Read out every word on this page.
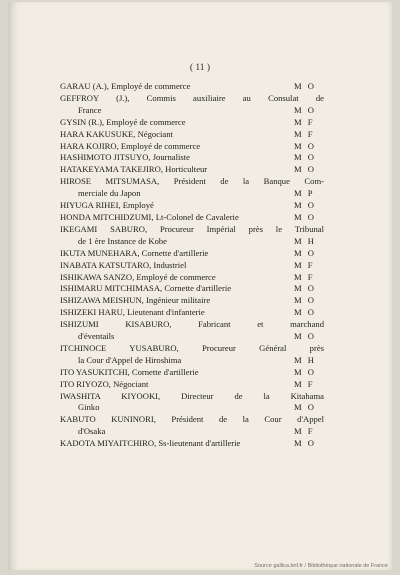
( 11 )
GARAU (A.), Employé de commerce	M O
GEFFROY (J.), Commis auxiliaire au Consulat de
France	M O
GYSIN (R.), Employé de commerce	M F
HARA KAKUSUKE, Négociant	M F
HARA KOJIRO, Employé de commerce	M O
HASHIMOTO JITSUYO, Journaliste	M O
HATAKEYAMA TAKEJIRO, Horticulteur	M O
HIROSE MITSUMASA, Président de la Banque Com-
merciale du Japon	M P
HIYUGA RIHEI, Employé	M O
HONDA MITCHIDZUMI, Lt-Colonel de Cavalerie	M O
IKEGAMI SABURO, Procureur Impérial près le Tribunal
de 1 ère Instance de Kobe	M H
IKUTA MUNEHARA, Cornette d'artillerie	M O
INABATA KATSUTARO, Industriel	M F
ISHIKAWA SANZO, Employé de commerce	M F
ISHIMARU MITCHIMASA, Cornette d'artillerie	M O
ISHIZAWA MEISHUN, Ingénieur militaire	M O
ISHIZEKI HARU, Lieutenant d'infanterie	M O
ISHIZUMI KISABURO, Fabricant et marchand
d'éventails	M O
ITCHINOCE YUSABURO, Procureur Général près
la Cour d'Appel de Hiroshima	M H
ITO YASUKITCHI, Cornette d'artillerie	M O
ITO RIYOZO, Négociant	M F
IWASHITA KIYOOKI, Directeur de la Kitahama
Ginko	M O
KABUTO KUNINORI, Président de la Cour d'Appel
d'Osaka	M F
KADOTA MIYAITCHIRO, Ss-lieutenant d'artillerie	M O
Source gallica.bnf.fr / Bibliothèque nationale de France
